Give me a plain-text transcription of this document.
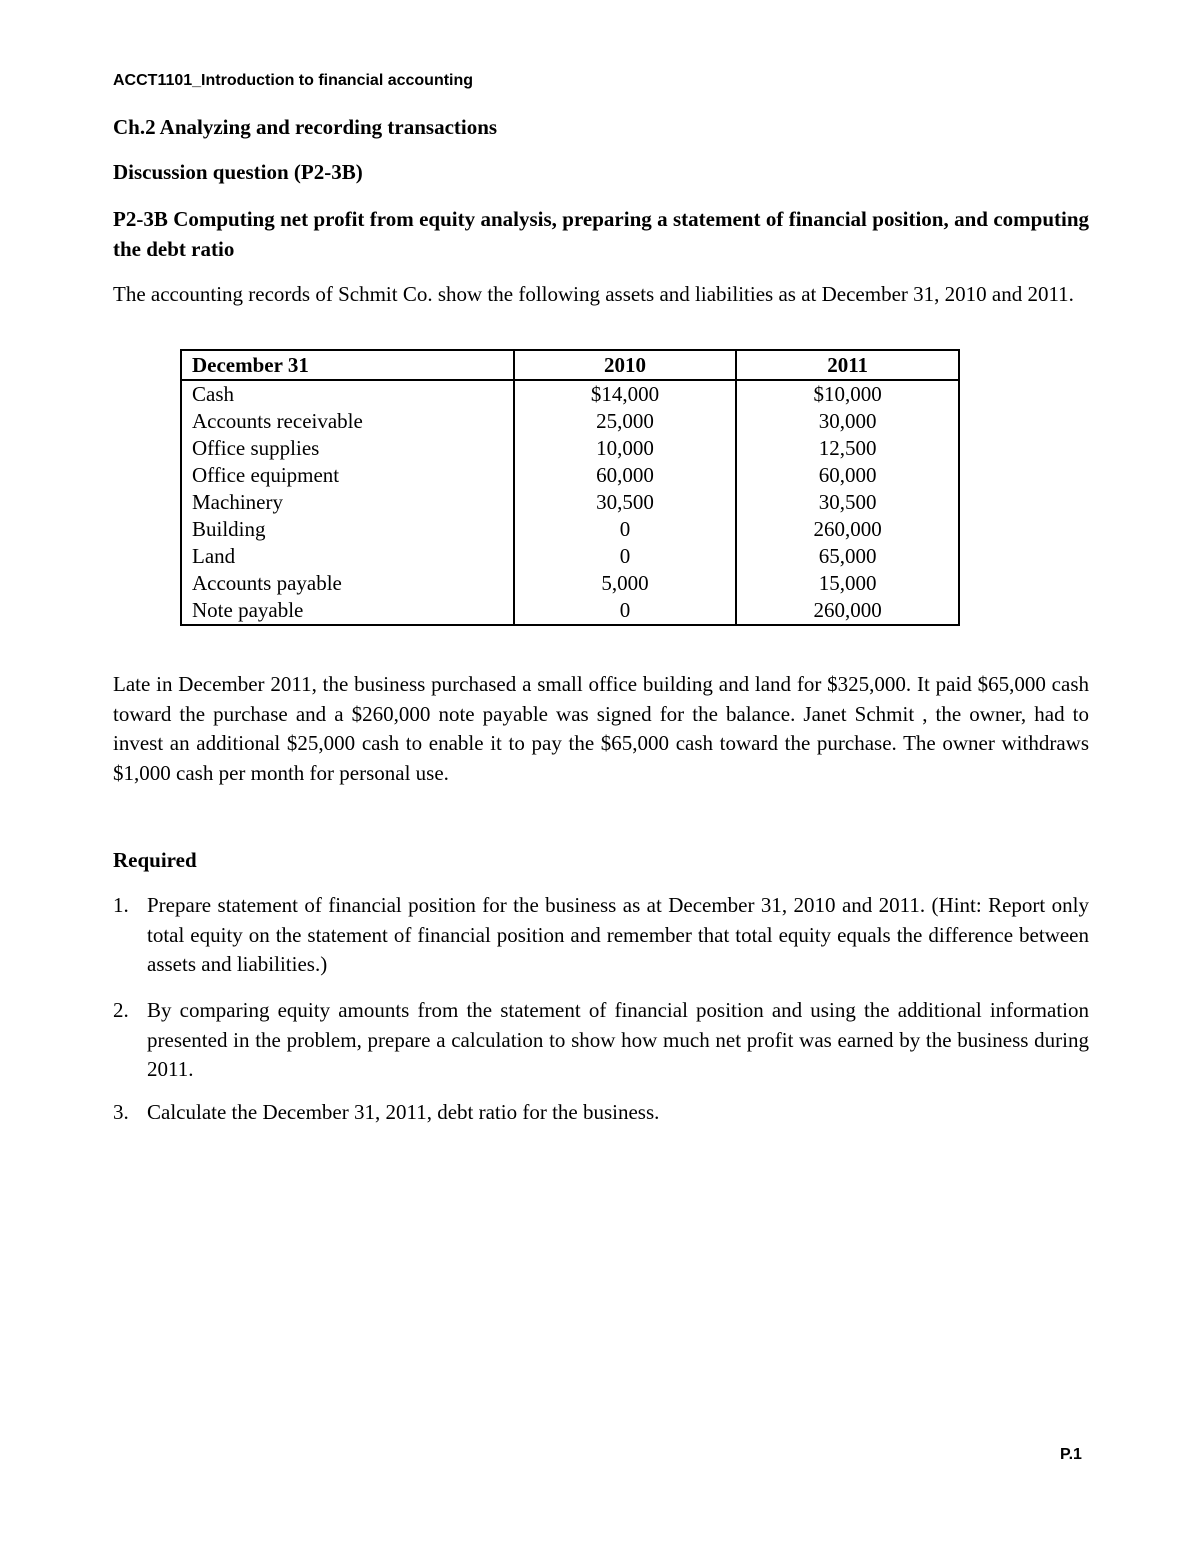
ACCT1101_Introduction to financial accounting
Ch.2 Analyzing and recording transactions
Discussion question (P2-3B)
P2-3B Computing net profit from equity analysis, preparing a statement of financial position, and computing the debt ratio
The accounting records of Schmit Co. show the following assets and liabilities as at December 31, 2010 and 2011.
December 31	2010	2011
Cash	$14,000	$10,000
Accounts receivable	25,000	30,000
Office supplies	10,000	12,500
Office equipment	60,000	60,000
Machinery	30,500	30,500
Building	0	260,000
Land	0	65,000
Accounts payable	5,000	15,000
Note payable	0	260,000
Late in December 2011, the business purchased a small office building and land for $325,000. It paid $65,000 cash toward the purchase and a $260,000 note payable was signed for the balance. Janet Schmit , the owner, had to invest an additional $25,000 cash to enable it to pay the $65,000 cash toward the purchase. The owner withdraws $1,000 cash per month for personal use.
Required
1. Prepare statement of financial position for the business as at December 31, 2010 and 2011. (Hint: Report only total equity on the statement of financial position and remember that total equity equals the difference between assets and liabilities.)
2. By comparing equity amounts from the statement of financial position and using the additional information presented in the problem, prepare a calculation to show how much net profit was earned by the business during 2011.
3. Calculate the December 31, 2011, debt ratio for the business.
P.1
